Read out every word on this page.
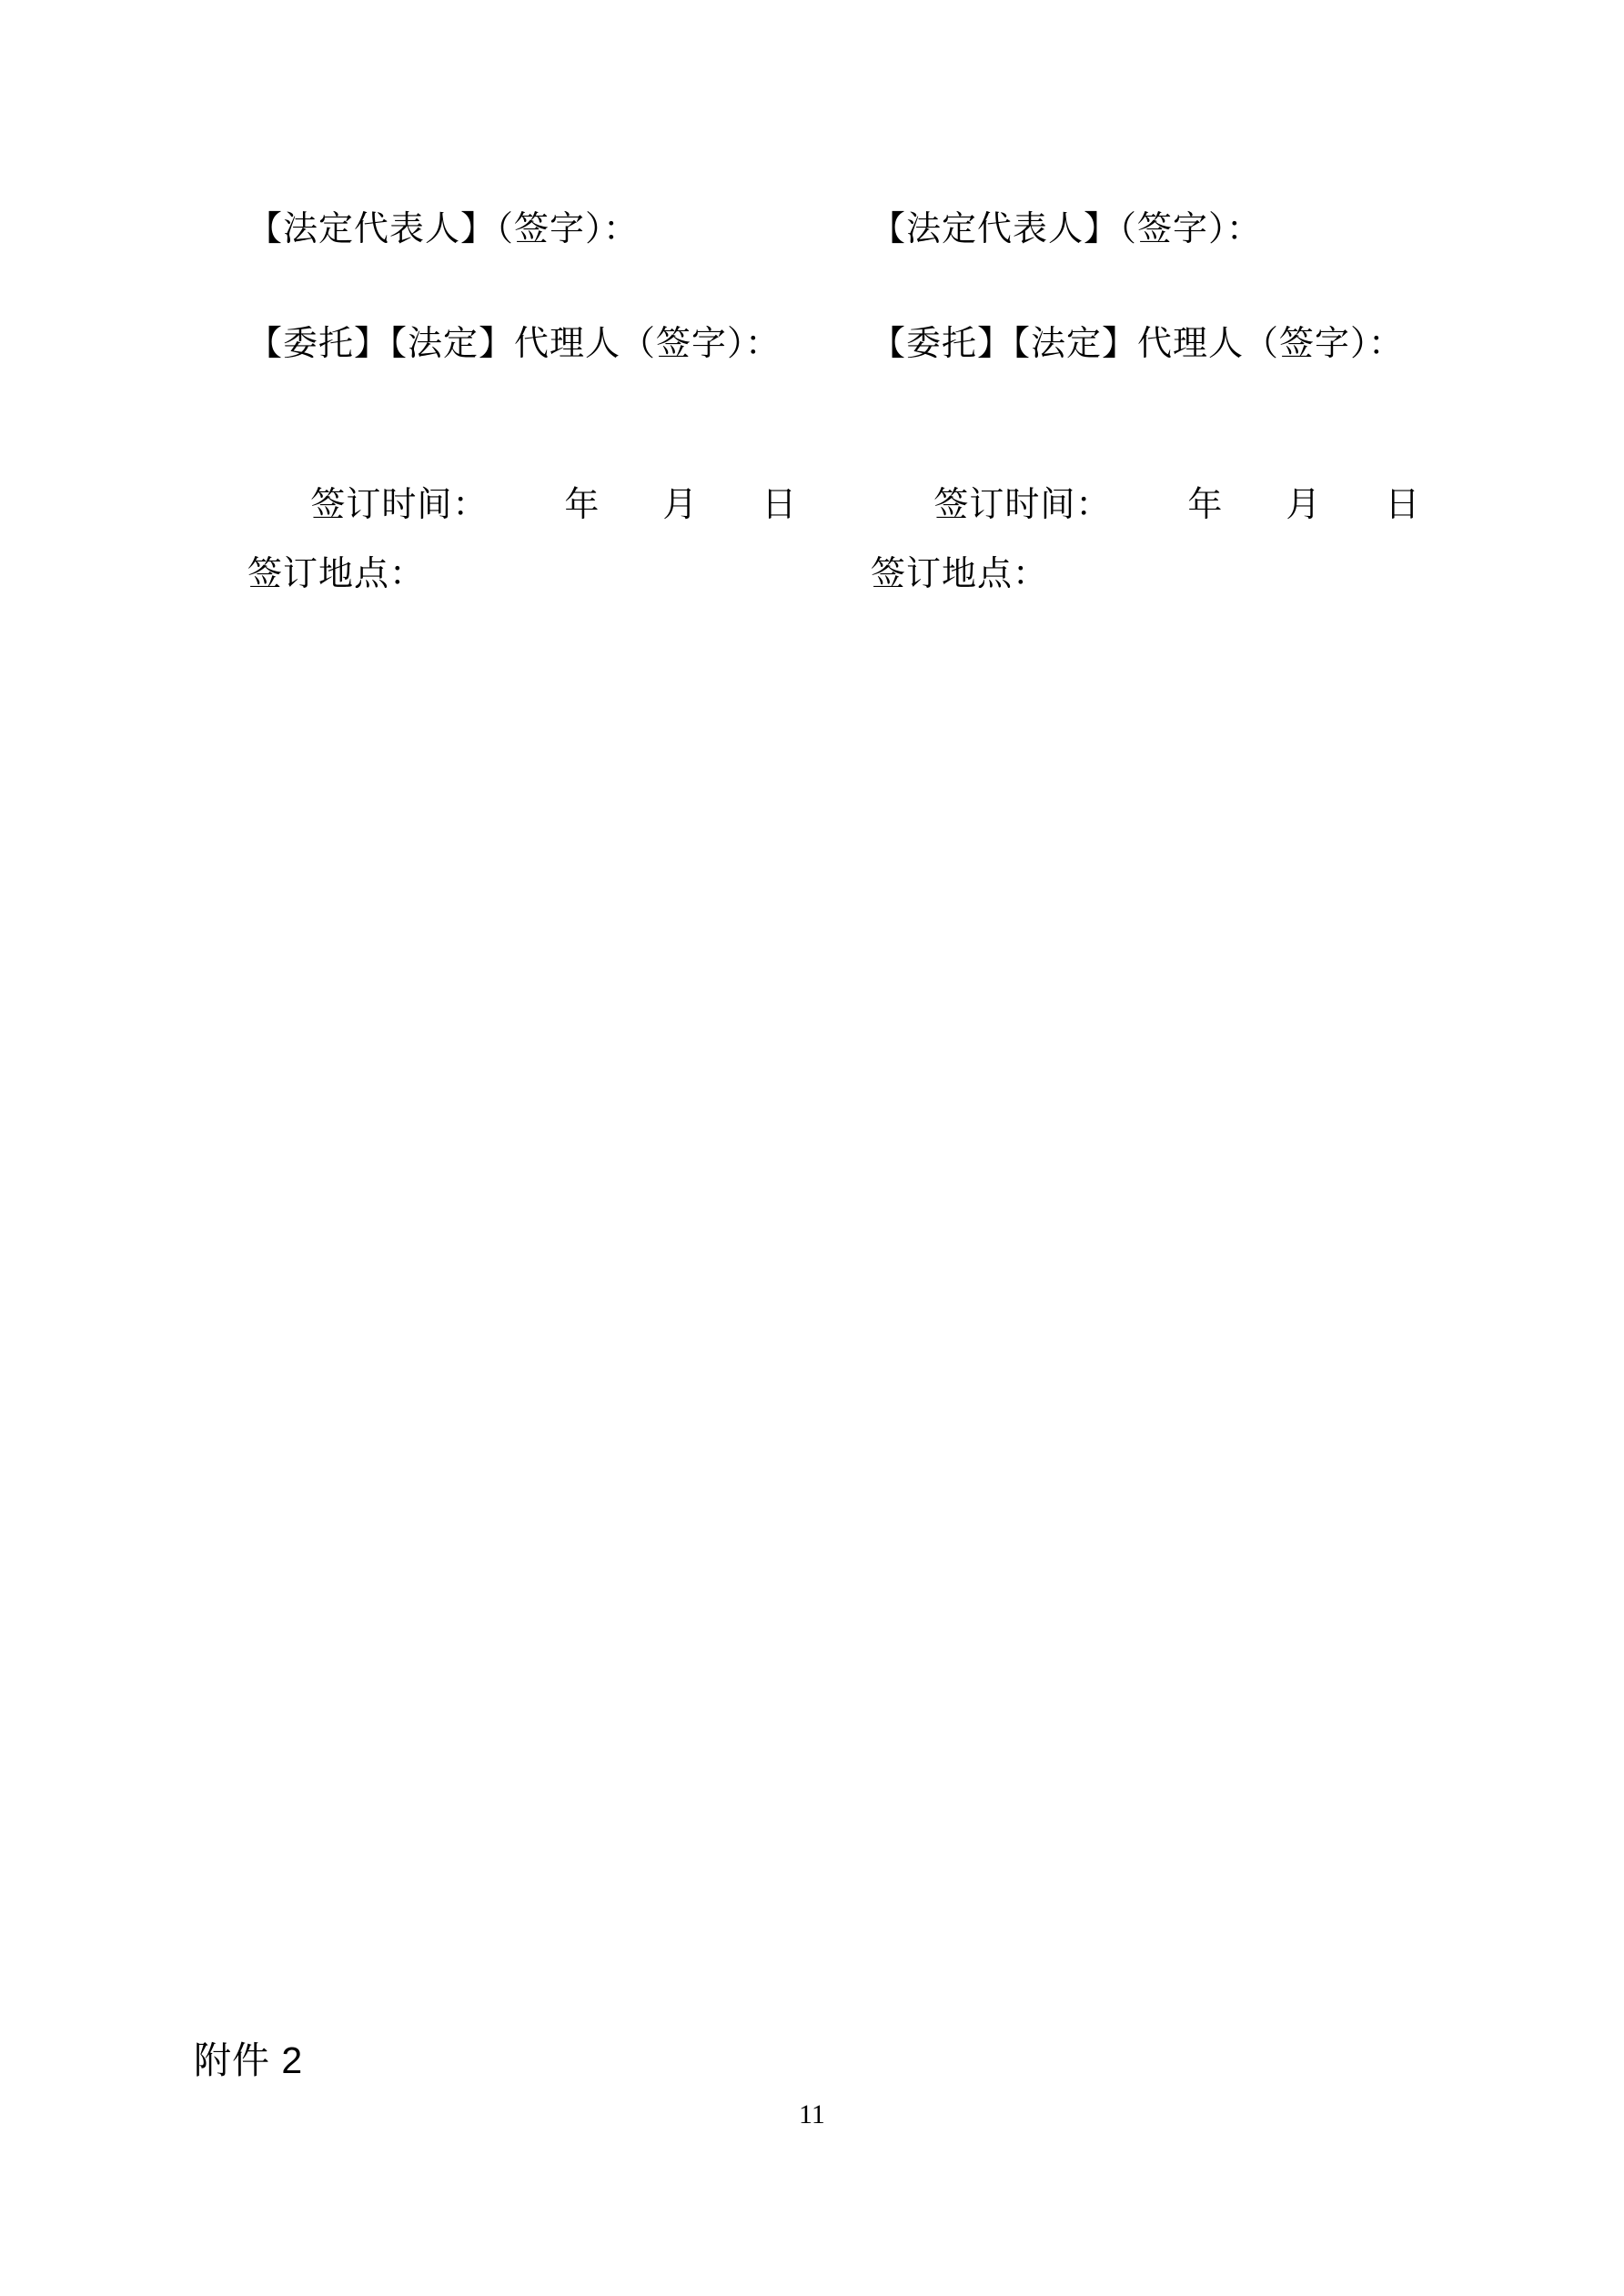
【法定代表人】（签字）：
【委托】【法定】代理人（签字）：

签订时间： 年 月 日

签订地点：
【法定代表人】（签字）：
【委托】【法定】代理人（签字）：

签订时间： 年 月 日

签订地点：
附件 2
11
